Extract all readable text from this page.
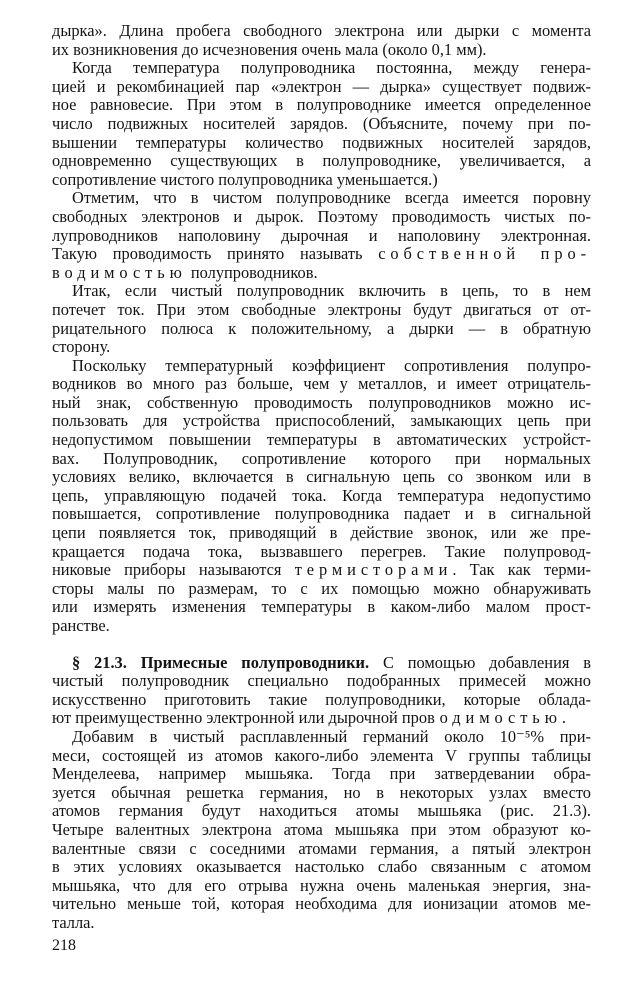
дырка». Длина пробега свободного электрона или дырки с момента
их возникновения до исчезновения очень мала (около 0,1 мм).
Когда температура полупроводника постоянна, между генера-
цией и рекомбинацией пар «электрон — дырка» существует подвиж-
ное равновесие. При этом в полупроводнике имеется определенное
число подвижных носителей зарядов. (Объясните, почему при по-
вышении температуры количество подвижных носителей зарядов,
одновременно существующих в полупроводнике, увеличивается, а
сопротивление чистого полупроводника уменьшается.)
Отметим, что в чистом полупроводнике всегда имеется поровну
свободных электронов и дырок. Поэтому проводимость чистых по-
лупроводников наполовину дырочная и наполовину электронная.
Такую проводимость принято называть собственной про-
водимостью полупроводников.
Итак, если чистый полупроводник включить в цепь, то в нем
потечет ток. При этом свободные электроны будут двигаться от от-
рицательного полюса к положительному, а дырки — в обратную
сторону.
Поскольку температурный коэффициент сопротивления полупро-
водников во много раз больше, чем у металлов, и имеет отрицатель-
ный знак, собственную проводимость полупроводников можно ис-
пользовать для устройства приспособлений, замыкающих цепь при
недопустимом повышении температуры в автоматических устройст-
вах. Полупроводник, сопротивление которого при нормальных
условиях велико, включается в сигнальную цепь со звонком или в
цепь, управляющую подачей тока. Когда температура недопустимо
повышается, сопротивление полупроводника падает и в сигнальной
цепи появляется ток, приводящий в действие звонок, или же пре-
кращается подача тока, вызвавшего перегрев. Такие полупровод-
никовые приборы называются термисторами. Так как терми-
сторы малы по размерам, то с их помощью можно обнаруживать
или измерять изменения температуры в каком-либо малом прост-
ранстве.
§ 21.3. Примесные полупроводники. С помощью добавления в
чистый полупроводник специально подобранных примесей можно
искусственно приготовить такие полупроводники, которые облада-
ют преимущественно электронной или дырочной проводимостью.
Добавим в чистый расплавленный германий около 10⁻⁵% при-
меси, состоящей из атомов какого-либо элемента V группы таблицы
Менделеева, например мышьяка. Тогда при затвердевании обра-
зуется обычная решетка германия, но в некоторых узлах вместо
атомов германия будут находиться атомы мышьяка (рис. 21.3).
Четыре валентных электрона атома мышьяка при этом образуют ко-
валентные связи с соседними атомами германия, а пятый электрон
в этих условиях оказывается настолько слабо связанным с атомом
мышьяка, что для его отрыва нужна очень маленькая энергия, зна-
чительно меньше той, которая необходима для ионизации атомов ме-
талла.
218
